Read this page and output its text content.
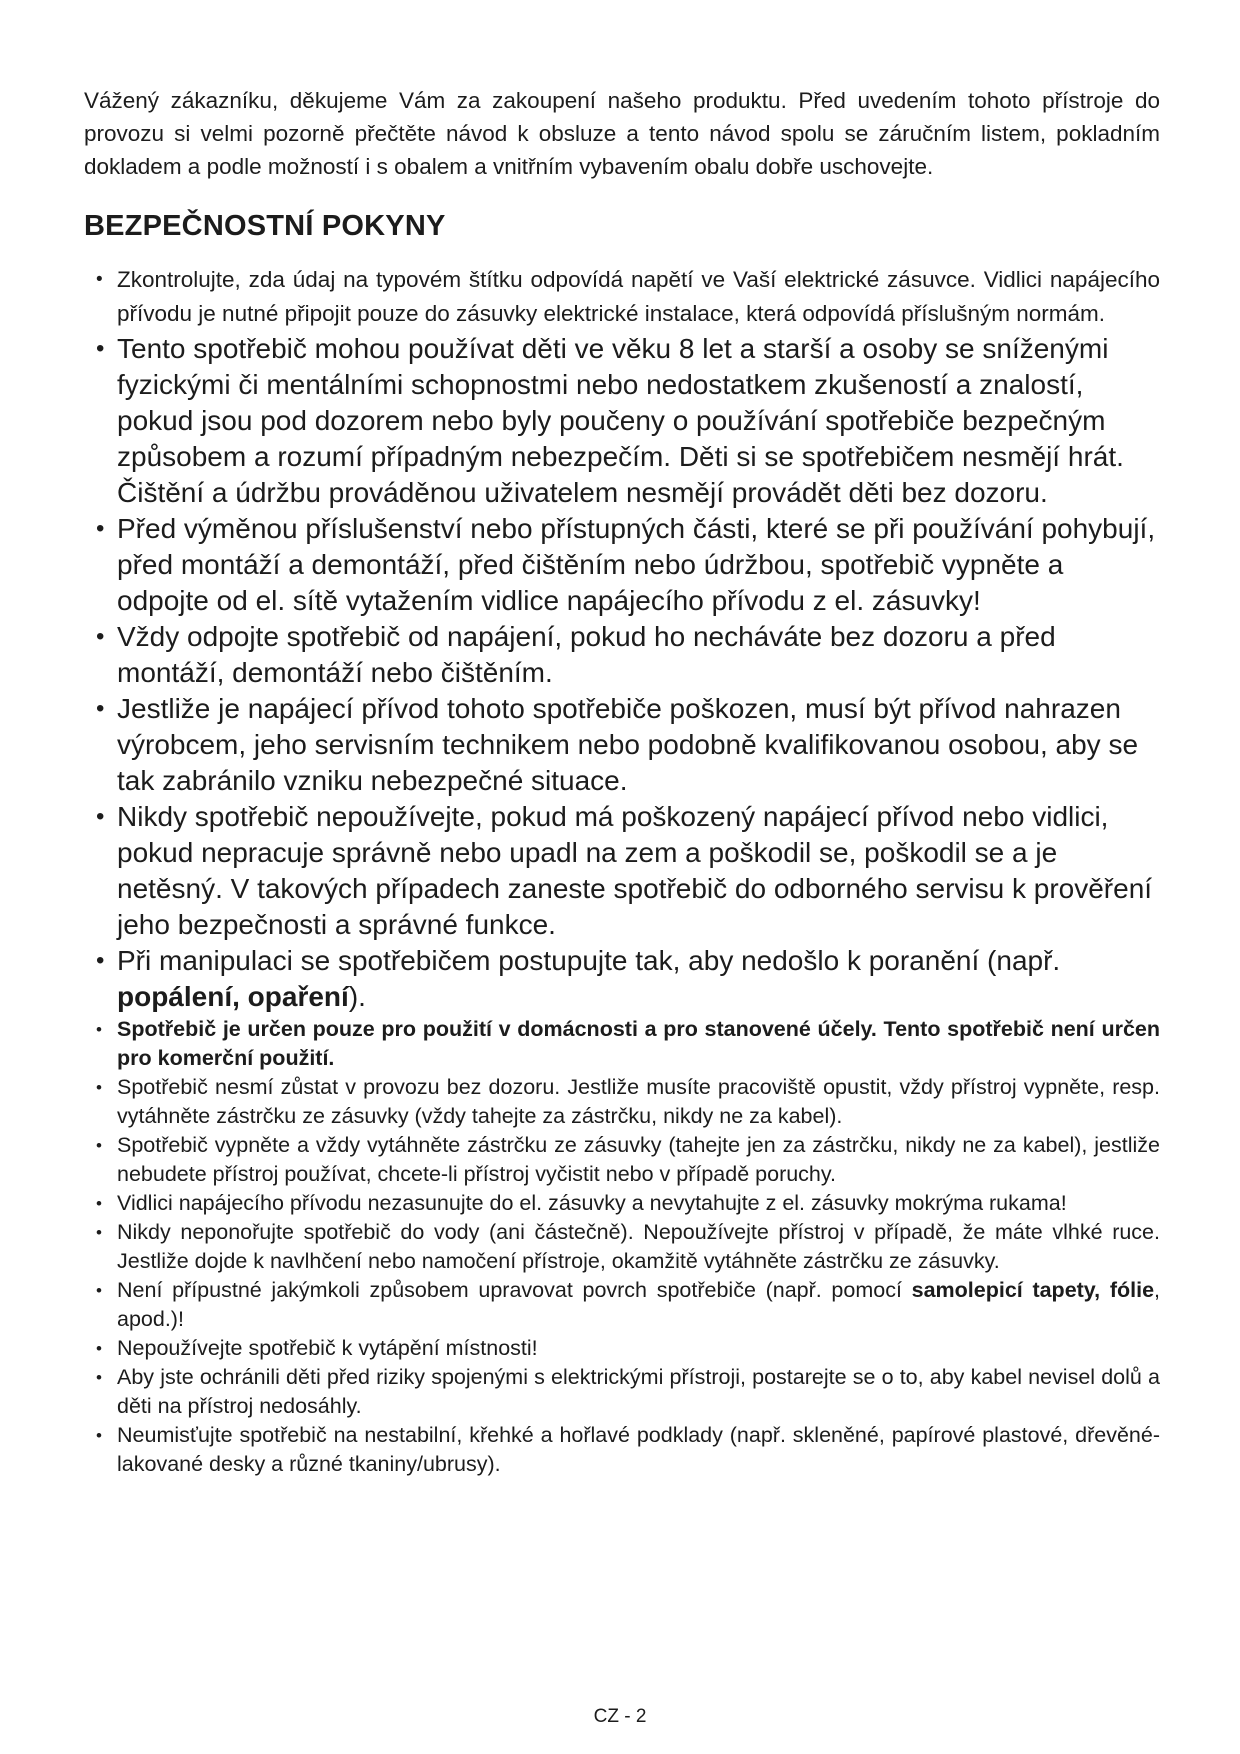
Vážený zákazníku, děkujeme Vám za zakoupení našeho produktu. Před uvedením tohoto přístroje do provozu si velmi pozorně přečtěte návod k obsluze a tento návod spolu se záručním listem, pokladním dokladem a podle možností i s obalem a vnitřním vybavením obalu dobře uschovejte.

BEZPEČNOSTNÍ POKYNY
• Zkontrolujte, zda údaj na typovém štítku odpovídá napětí ve Vaší elektrické zásuvce. Vidlici napájecího přívodu je nutné připojit pouze do zásuvky elektrické instalace, která odpovídá příslušným normám.
• Tento spotřebič mohou používat děti ve věku 8 let a starší a osoby se sníženými fyzickými či mentálními schopnostmi nebo nedostatkem zkušeností a znalostí, pokud jsou pod dozorem nebo byly poučeny o používání spotřebiče bezpečným způsobem a rozumí případným nebezpečím. Děti si se spotřebičem nesmějí hrát. Čištění a údržbu prováděnou uživatelem nesmějí provádět děti bez dozoru.
• Před výměnou příslušenství nebo přístupných části, které se při používání pohybují, před montáží a demontáží, před čištěním nebo údržbou, spotřebič vypněte a odpojte od el. sítě vytažením vidlice napájecího přívodu z el. zásuvky!
• Vždy odpojte spotřebič od napájení, pokud ho necháváte bez dozoru a před montáží, demontáží nebo čištěním.
• Jestliže je napájecí přívod tohoto spotřebiče poškozen, musí být přívod nahrazen výrobcem, jeho servisním technikem nebo podobně kvalifikovanou osobou, aby se tak zabránilo vzniku nebezpečné situace.
• Nikdy spotřebič nepoužívejte, pokud má poškozený napájecí přívod nebo vidlici, pokud nepracuje správně nebo upadl na zem a poškodil se, poškodil se a je netěsný. V takových případech zaneste spotřebič do odborného servisu k prověření jeho bezpečnosti a správné funkce.
• Při manipulaci se spotřebičem postupujte tak, aby nedošlo k poranění (např. popálení, opaření).
• Spotřebič je určen pouze pro použití v domácnosti a pro stanovené účely. Tento spotřebič není určen pro komerční použití.
• Spotřebič nesmí zůstat v provozu bez dozoru. Jestliže musíte pracoviště opustit, vždy přístroj vypněte, resp. vytáhněte zástrčku ze zásuvky (vždy tahejte za zástrčku, nikdy ne za kabel).
• Spotřebič vypněte a vždy vytáhněte zástrčku ze zásuvky (tahejte jen za zástrčku, nikdy ne za kabel), jestliže nebudete přístroj používat, chcete-li přístroj vyčistit nebo v případě poruchy.
• Vidlici napájecího přívodu nezasunujte do el. zásuvky a nevytahujte z el. zásuvky mokrýma rukama!
• Nikdy neponořujte spotřebič do vody (ani částečně). Nepoužívejte přístroj v případě, že máte vlhké ruce. Jestliže dojde k navlhčení nebo namočení přístroje, okamžitě vytáhněte zástrčku ze zásuvky.
• Není přípustné jakýmkoli způsobem upravovat povrch spotřebiče (např. pomocí samolepicí tapety, fólie, apod.)!
• Nepoužívejte spotřebič k vytápění místnosti!
• Aby jste ochránili děti před riziky spojenými s elektrickými přístroji, postarejte se o to, aby kabel nevisel dolů a děti na přístroj nedosáhly.
• Neumisťujte spotřebič na nestabilní, křehké a hořlavé podklady (např. skleněné, papírové plastové, dřevěné-lakované desky a různé tkaniny/ubrusy).
CZ - 2
